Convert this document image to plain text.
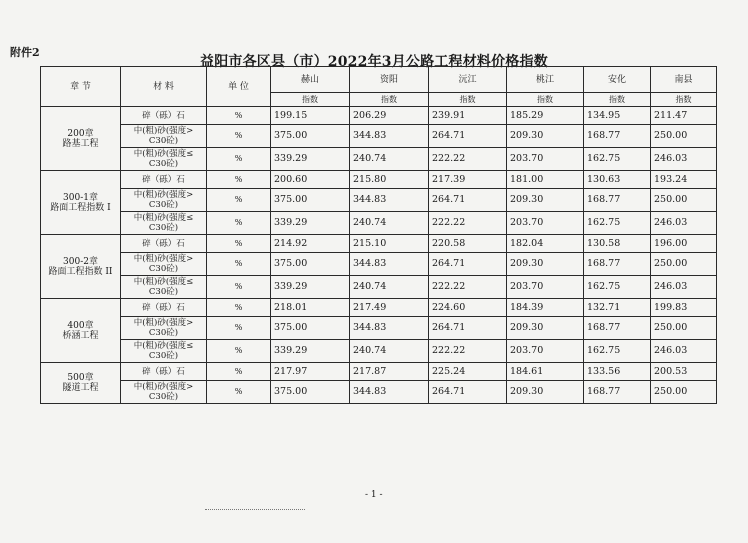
附件2
益阳市各区县（市）2022年3月公路工程材料价格指数
章 节	材 料	单 位	赫山	资阳	沅江	桃江	安化	南县
			指数	指数	指数	指数	指数	指数

200章
路基工程	碎（砾）石	%	199.15	206.29	239.91	185.29	134.95	211.47

	中(粗)砂(强度>
C30砼)	%	375.00	344.83	264.71	209.30	168.77	250.00

	中(粗)砂(强度≤
C30砼)	%	339.29	240.74	222.22	203.70	162.75	246.03

300-1章
路面工程指数 I	碎（砾）石	%	200.60	215.80	217.39	181.00	130.63	193.24

	中(粗)砂(强度>
C30砼)	%	375.00	344.83	264.71	209.30	168.77	250.00

	中(粗)砂(强度≤
C30砼)	%	339.29	240.74	222.22	203.70	162.75	246.03

300-2章
路面工程指数 II	碎（砾）石	%	214.92	215.10	220.58	182.04	130.58	196.00

	中(粗)砂(强度>
C30砼)	%	375.00	344.83	264.71	209.30	168.77	250.00

	中(粗)砂(强度≤
C30砼)	%	339.29	240.74	222.22	203.70	162.75	246.03

400章
桥涵工程	碎（砾）石	%	218.01	217.49	224.60	184.39	132.71	199.83

	中(粗)砂(强度>
C30砼)	%	375.00	344.83	264.71	209.30	168.77	250.00

	中(粗)砂(强度≤
C30砼)	%	339.29	240.74	222.22	203.70	162.75	246.03

500章
隧道工程	碎（砾）石	%	217.97	217.87	225.24	184.61	133.56	200.53

	中(粗)砂(强度>
C30砼)	%	375.00	344.83	264.71	209.30	168.77	250.00
- 1 -
